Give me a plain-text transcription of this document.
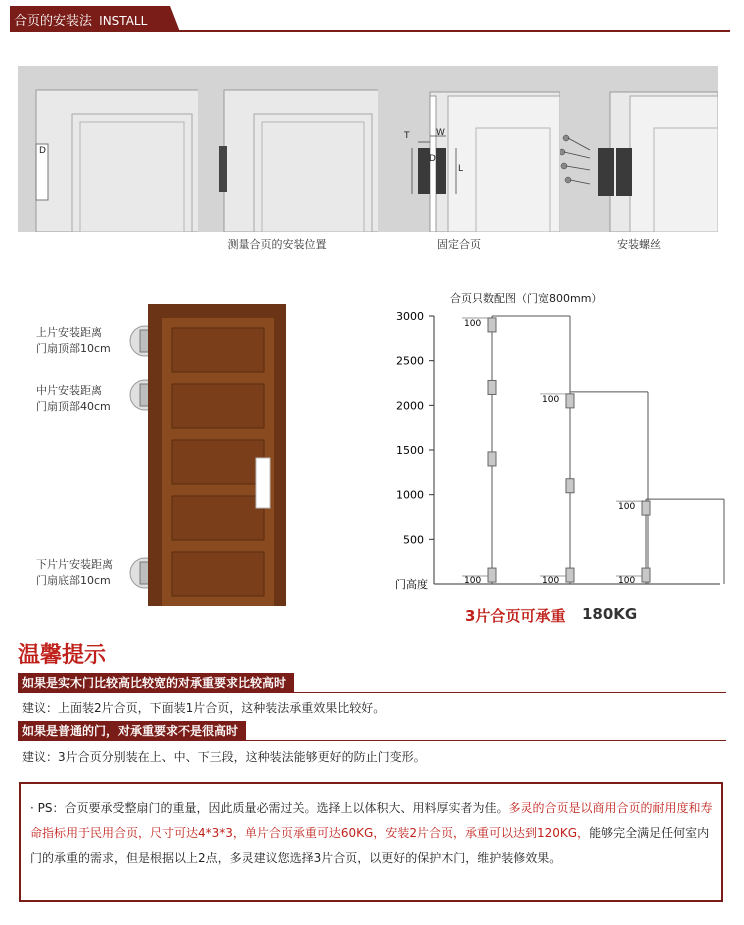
合页的安装法 INSTALL
D
测量合页的安装位置
T	W
D
L
固定合页	安装螺丝
上片安装距离
门扇顶部10cm
中片安装距离
门扇顶部40cm
下片片安装距离
门扇底部10cm
合页只数配图（门宽800mm）
500
1000
1500
2000
2500
3000
门高度
100
100
100
100
100
100
3片合页可承重 180KG
温馨提示
如果是实木门比较高比较宽的对承重要求比较高时
建议：上面装2片合页，下面装1片合页，这种装法承重效果比较好。
如果是普通的门，对承重要求不是很高时
建议：3片合页分别装在上、中、下三段，这种装法能够更好的防止门变形。
· PS：合页要承受整扇门的重量，因此质量必需过关。选择上以体积大、用料厚实者为佳。多灵的合页是以商用合页的耐用度和寿命指标用于民用合页，尺寸可达4*3*3，单片合页承重可达60KG，安装2片合页，承重可以达到120KG，能够完全满足任何室内门的承重的需求，但是根据以上2点，多灵建议您选择3片合页，以更好的保护木门，维护装修效果。
